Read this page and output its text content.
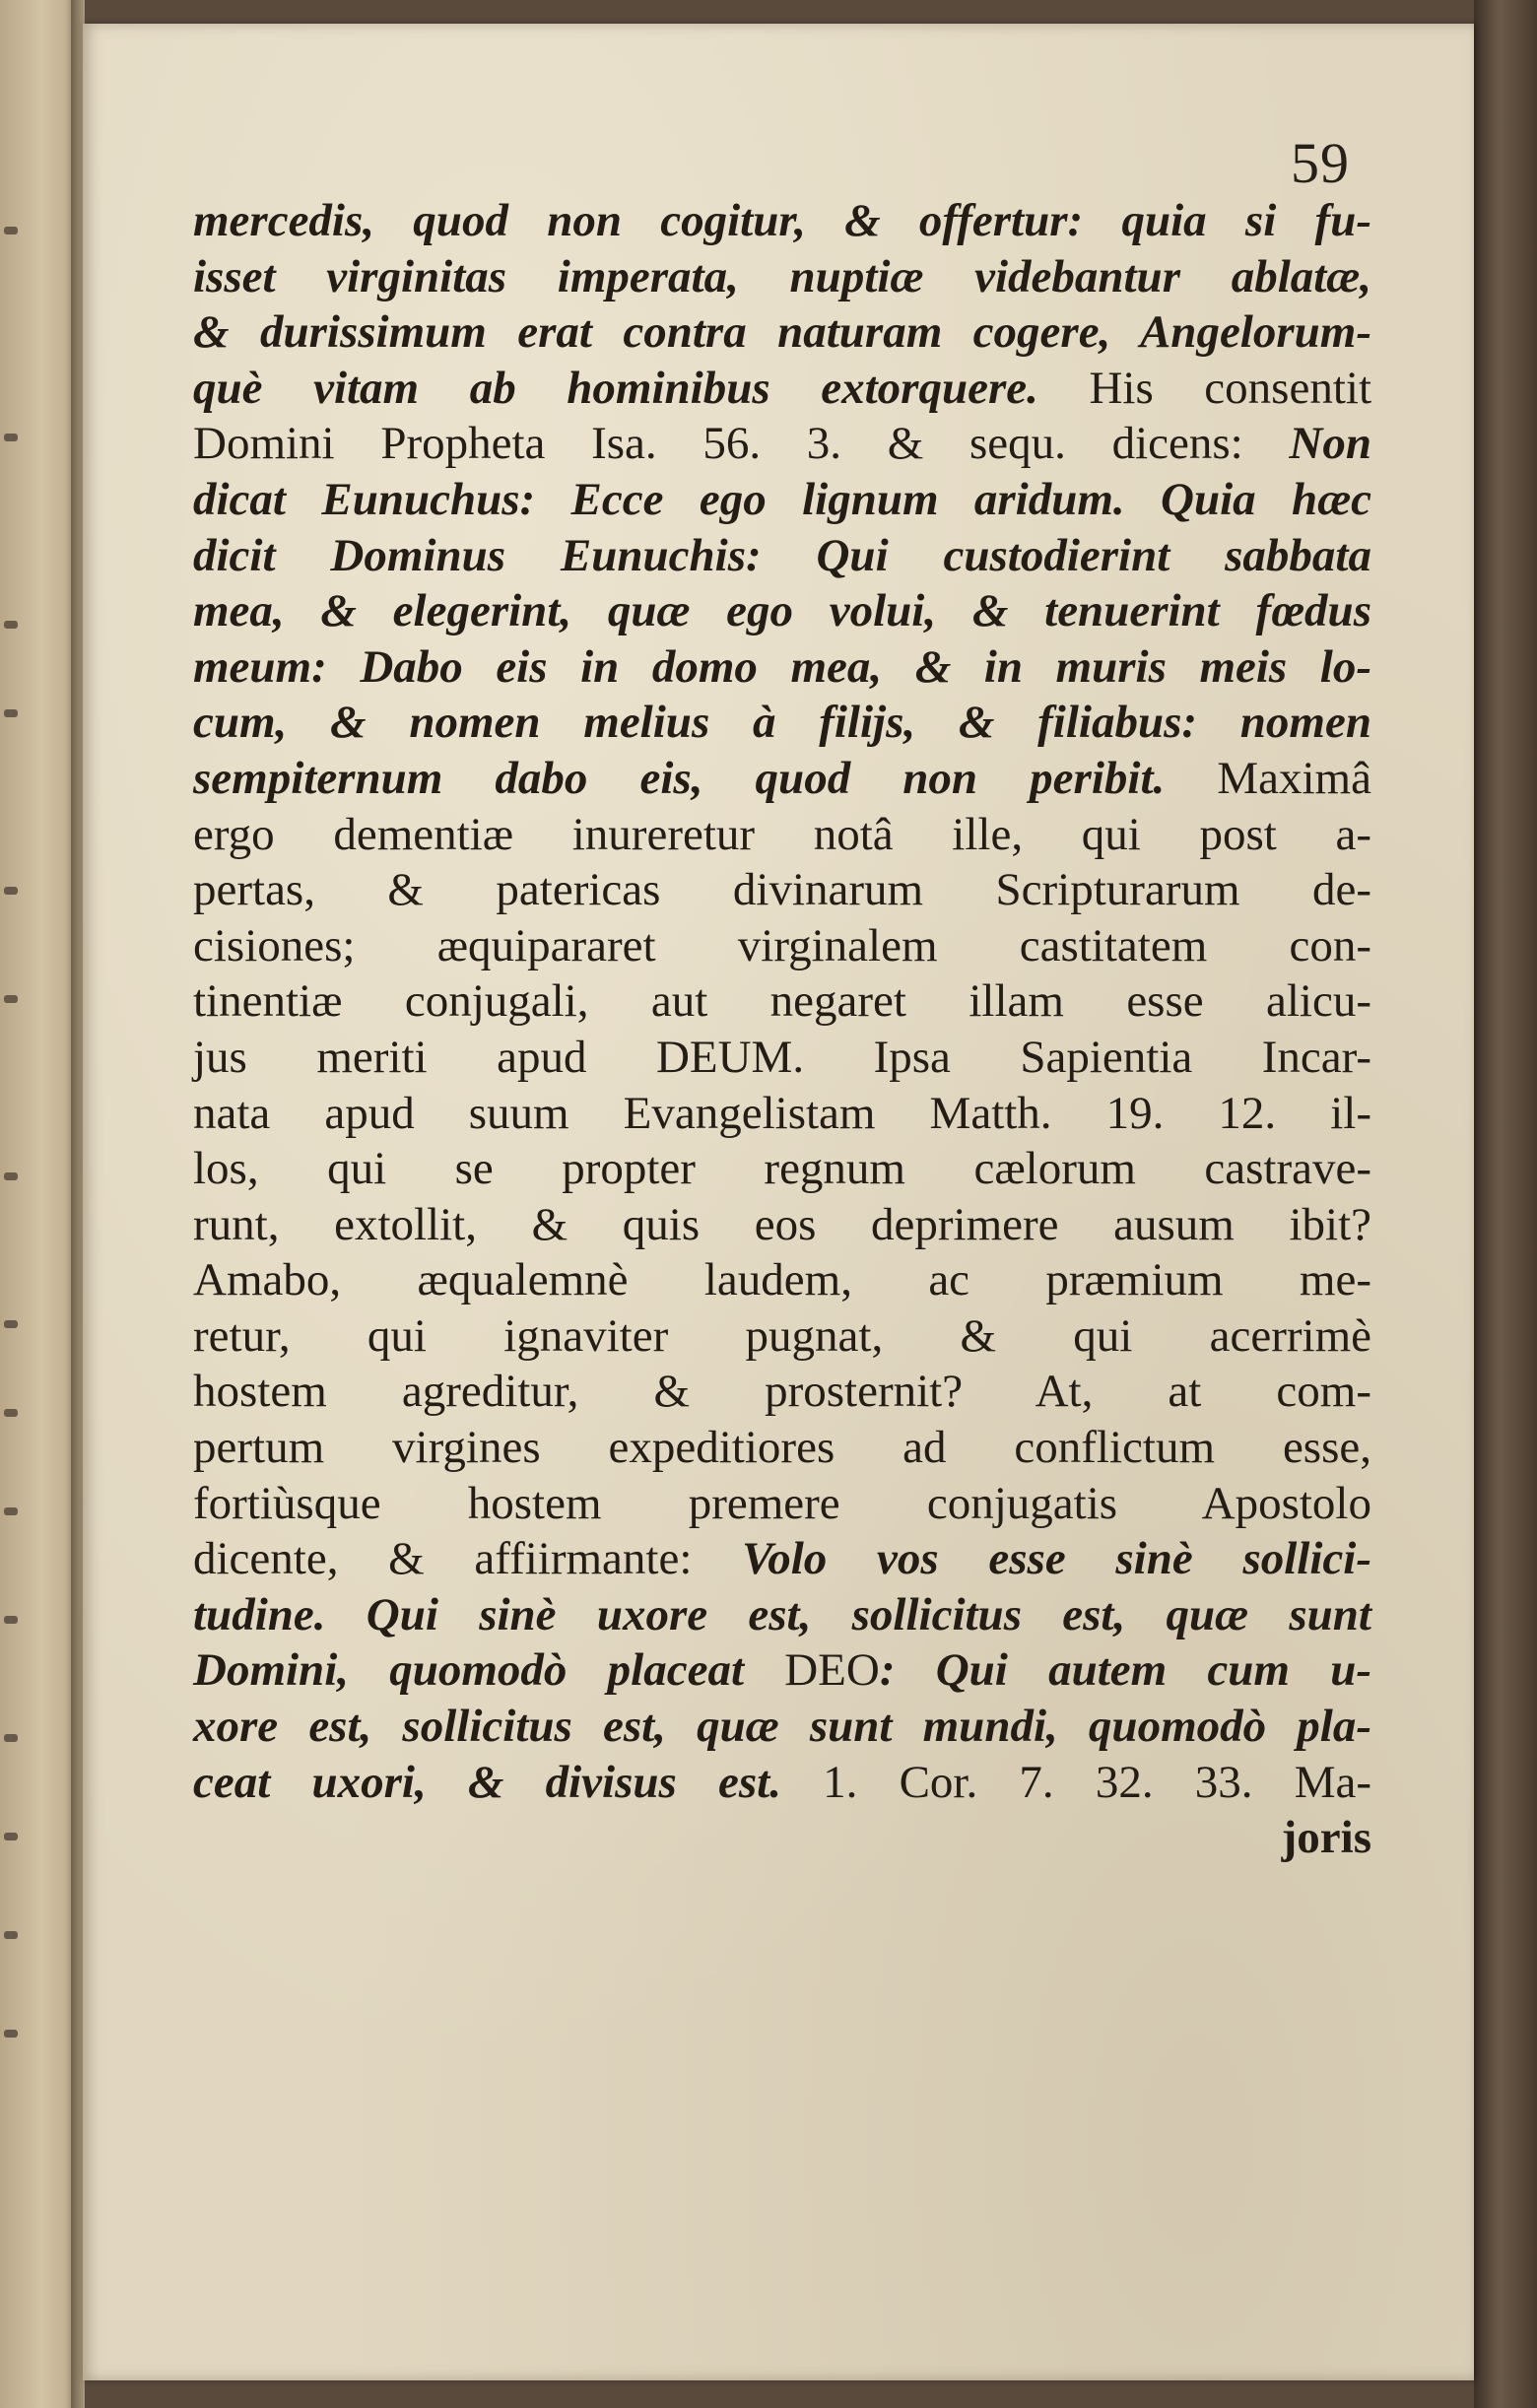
59
mercedis, quod non cogitur, & offertur: quia si fu-
isset virginitas imperata, nuptiæ videbantur ablatæ,
& durissimum erat contra naturam cogere, Angelorum-
què vitam ab hominibus extorquere. His consentit
Domini Propheta Isa. 56. 3. & sequ. dicens: Non
dicat Eunuchus: Ecce ego lignum aridum. Quia hæc
dicit Dominus Eunuchis: Qui custodierint sabbata
mea, & elegerint, quæ ego volui, & tenuerint fœdus
meum: Dabo eis in domo mea, & in muris meis lo-
cum, & nomen melius à filijs, & filiabus: nomen
sempiternum dabo eis, quod non peribit. Maximâ
ergo dementiæ inureretur notâ ille, qui post a-
pertas, & patericas divinarum Scripturarum de-
cisiones; æquipararet virginalem castitatem con-
tinentiæ conjugali, aut negaret illam esse alicu-
jus meriti apud DEUM. Ipsa Sapientia Incar-
nata apud suum Evangelistam Matth. 19. 12. il-
los, qui se propter regnum cælorum castrave-
runt, extollit, & quis eos deprimere ausum ibit?
Amabo, æqualemnè laudem, ac præmium me-
retur, qui ignaviter pugnat, & qui acerrimè
hostem agreditur, & prosternit? At, at com-
pertum virgines expeditiores ad conflictum esse,
fortiùsque hostem premere conjugatis Apostolo
dicente, & affiirmante: Volo vos esse sinè sollici-
tudine. Qui sinè uxore est, sollicitus est, quæ sunt
Domini, quomodò placeat DEO: Qui autem cum u-
xore est, sollicitus est, quæ sunt mundi, quomodò pla-
ceat uxori, & divisus est. 1. Cor. 7. 32. 33. Ma-
joris
